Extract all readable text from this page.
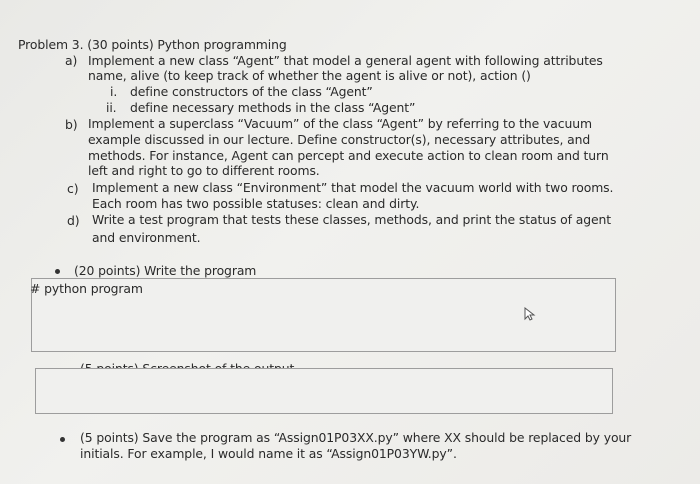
Problem 3. (30 points) Python programming
a) Implement a new class “Agent” that model a general agent with following attributes
name, alive (to keep track of whether the agent is alive or not), action ()
i. define constructors of the class “Agent”
ii. define necessary methods in the class “Agent”
b) Implement a superclass “Vacuum” of the class “Agent” by referring to the vacuum
example discussed in our lecture. Define constructor(s), necessary attributes, and
methods. For instance, Agent can percept and execute action to clean room and turn
left and right to go to different rooms.
c) Implement a new class “Environment” that model the vacuum world with two rooms.
Each room has two possible statuses: clean and dirty.
d) Write a test program that tests these classes, methods, and print the status of agent
and environment.
(20 points) Write the program
# python program
(5 points) Save the program as “Assign01P03XX.py” where XX should be replaced by your
initials. For example, I would name it as “Assign01P03YW.py”.
